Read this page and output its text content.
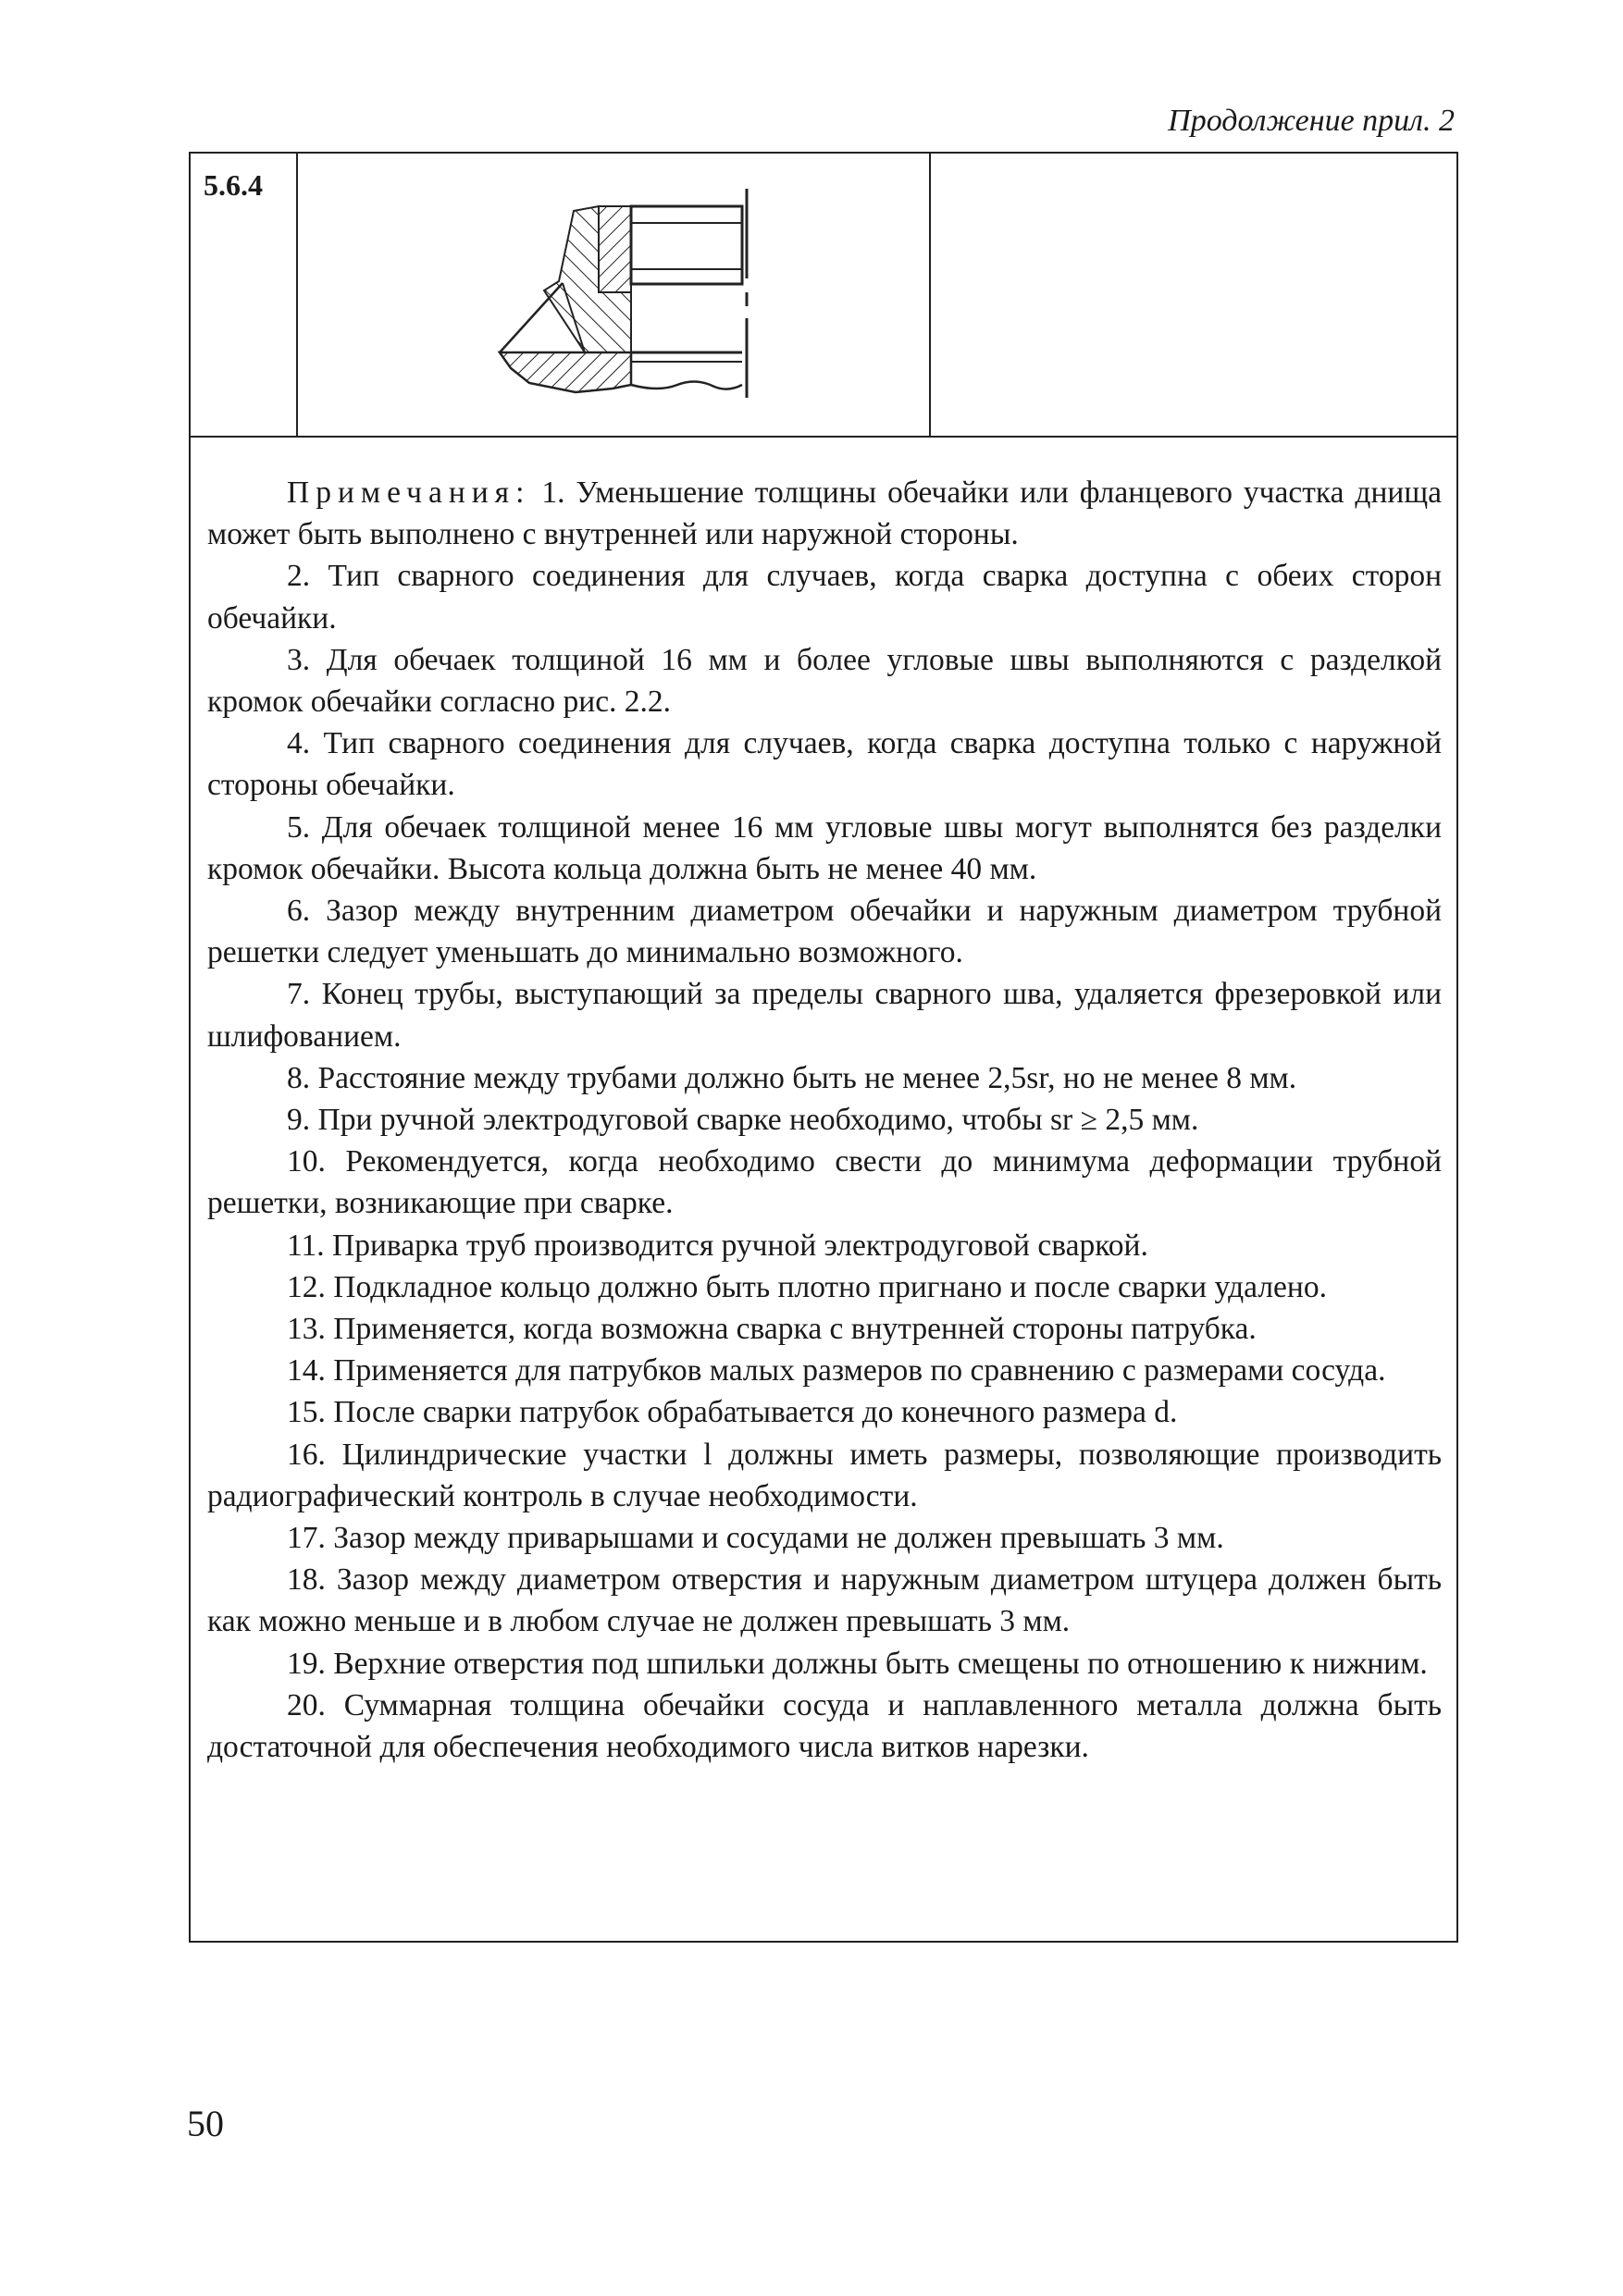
Продолжение прил. 2
5.6.4

Примечания: 1. Уменьшение толщины обечайки или фланцевого участка днища может быть выполнено с внутренней или наружной стороны.

2. Тип сварного соединения для случаев, когда сварка доступна с обеих сторон обечайки.

3. Для обечаек толщиной 16 мм и более угловые швы выполняются с разделкой кромок обечайки согласно рис. 2.2.

4. Тип сварного соединения для случаев, когда сварка доступна только с наружной стороны обечайки.

5. Для обечаек толщиной менее 16 мм угловые швы могут выполнятся без разделки кромок обечайки. Высота кольца должна быть не менее 40 мм.

6. Зазор между внутренним диаметром обечайки и наружным диаметром трубной решетки следует уменьшать до минимально возможного.

7. Конец трубы, выступающий за пределы сварного шва, удаляется фрезеровкой или шлифованием.

8. Расстояние между трубами должно быть не менее 2,5sr, но не менее 8 мм.

9. При ручной электродуговой сварке необходимо, чтобы sr ≥ 2,5 мм.

10. Рекомендуется, когда необходимо свести до минимума деформации трубной решетки, возникающие при сварке.

11. Приварка труб производится ручной электродуговой сваркой.

12. Подкладное кольцо должно быть плотно пригнано и после сварки удалено.

13. Применяется, когда возможна сварка с внутренней стороны патрубка.

14. Применяется для патрубков малых размеров по сравнению с размерами сосуда.

15. После сварки патрубок обрабатывается до конечного размера d.

16. Цилиндрические участки l должны иметь размеры, позволяющие производить радиографический контроль в случае необходимости.

17. Зазор между приварышами и сосудами не должен превышать 3 мм.

18. Зазор между диаметром отверстия и наружным диаметром штуцера должен быть как можно меньше и в любом случае не должен превышать 3 мм.

19. Верхние отверстия под шпильки должны быть смещены по отношению к нижним.

20. Суммарная толщина обечайки сосуда и наплавленного металла должна быть достаточной для обеспечения необходимого числа витков нарезки.

50
